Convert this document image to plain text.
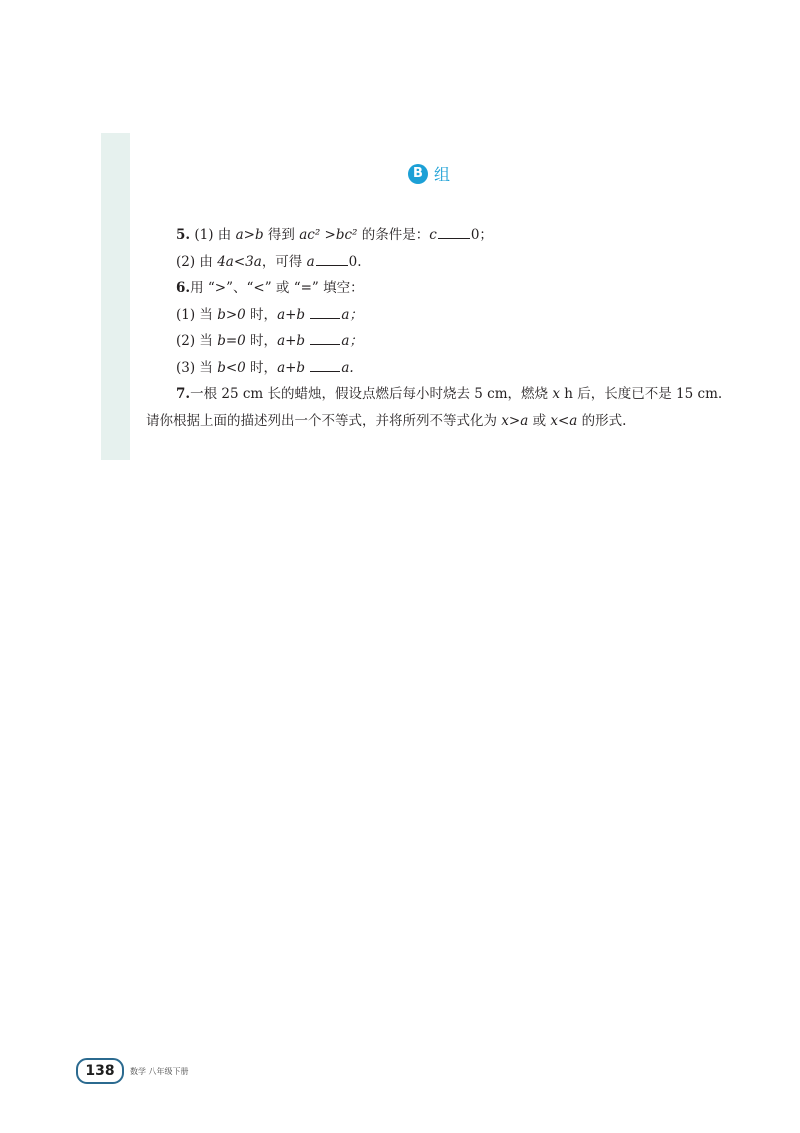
B 组
5. (1) 由 a>b 得到 ac² >bc² 的条件是：c	0；
(2) 由 4a<3a，可得 a	0.
6.用 “>”、“<” 或 “=” 填空：
(1) 当 b>0 时，a+b	a；
(2) 当 b=0 时，a+b	a；
(3) 当 b<0 时，a+b	a.
7.一根 25 cm 长的蜡烛，假设点燃后每小时烧去 5 cm，燃烧 x h 后，长度已不是 15 cm. 请你根据上面的描述列出一个不等式，并将所列不等式化为 x>a 或 x<a 的形式.
138	数学 八年级下册
